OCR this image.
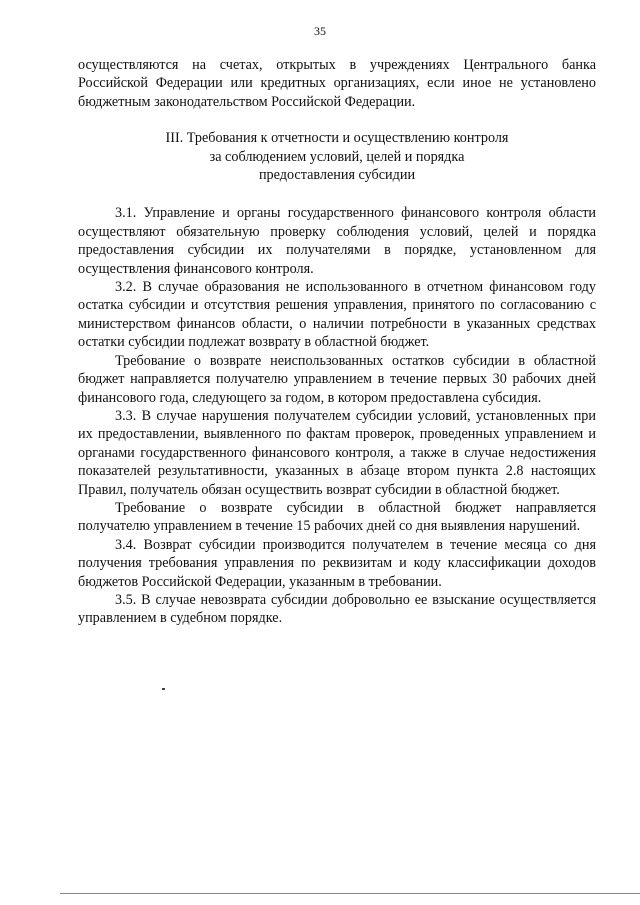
35

осуществляются на счетах, открытых в учреждениях Центрального банка Российской Федерации или кредитных организациях, если иное не установлено бюджетным законодательством Российской Федерации.

III. Требования к отчетности и осуществлению контроля
за соблюдением условий, целей и порядка
предоставления субсидии

3.1. Управление и органы государственного финансового контроля области осуществляют обязательную проверку соблюдения условий, целей и порядка предоставления субсидии их получателями в порядке, установленном для осуществления финансового контроля.

3.2. В случае образования не использованного в отчетном финансовом году остатка субсидии и отсутствия решения управления, принятого по согласованию с министерством финансов области, о наличии потребности в указанных средствах остатки субсидии подлежат возврату в областной бюджет.

Требование о возврате неиспользованных остатков субсидии в областной бюджет направляется получателю управлением в течение первых 30 рабочих дней финансового года, следующего за годом, в котором предоставлена субсидия.

3.3. В случае нарушения получателем субсидии условий, установленных при их предоставлении, выявленного по фактам проверок, проведенных управлением и органами государственного финансового контроля, а также в случае недостижения показателей результативности, указанных в абзаце втором пункта 2.8 настоящих Правил, получатель обязан осуществить возврат субсидии в областной бюджет.

Требование о возврате субсидии в областной бюджет направляется получателю управлением в течение 15 рабочих дней со дня выявления нарушений.

3.4. Возврат субсидии производится получателем в течение месяца со дня получения требования управления по реквизитам и коду классификации доходов бюджетов Российской Федерации, указанным в требовании.

3.5. В случае невозврата субсидии добровольно ее взыскание осуществляется управлением в судебном порядке.
